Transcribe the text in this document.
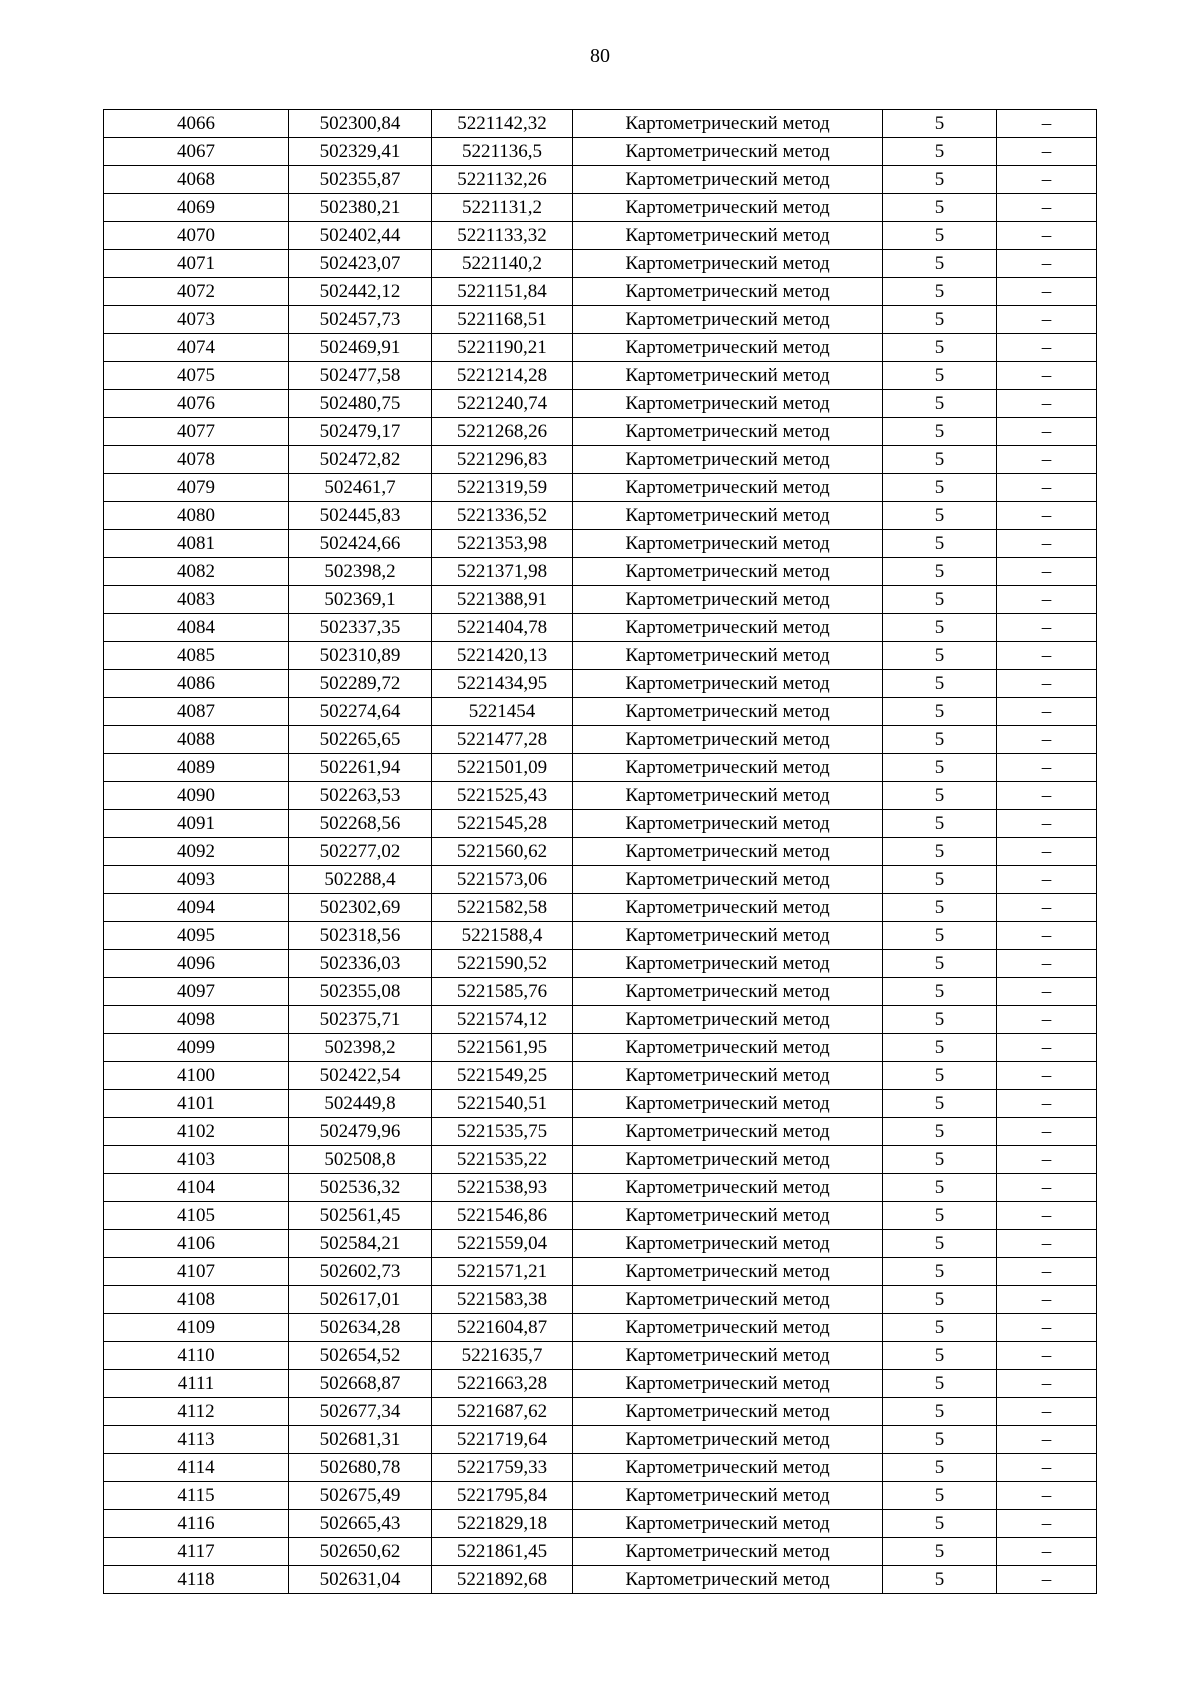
80
4066	502300,84	5221142,32	Картометрический метод	5	–
4067	502329,41	5221136,5	Картометрический метод	5	–
4068	502355,87	5221132,26	Картометрический метод	5	–
4069	502380,21	5221131,2	Картометрический метод	5	–
4070	502402,44	5221133,32	Картометрический метод	5	–
4071	502423,07	5221140,2	Картометрический метод	5	–
4072	502442,12	5221151,84	Картометрический метод	5	–
4073	502457,73	5221168,51	Картометрический метод	5	–
4074	502469,91	5221190,21	Картометрический метод	5	–
4075	502477,58	5221214,28	Картометрический метод	5	–
4076	502480,75	5221240,74	Картометрический метод	5	–
4077	502479,17	5221268,26	Картометрический метод	5	–
4078	502472,82	5221296,83	Картометрический метод	5	–
4079	502461,7	5221319,59	Картометрический метод	5	–
4080	502445,83	5221336,52	Картометрический метод	5	–
4081	502424,66	5221353,98	Картометрический метод	5	–
4082	502398,2	5221371,98	Картометрический метод	5	–
4083	502369,1	5221388,91	Картометрический метод	5	–
4084	502337,35	5221404,78	Картометрический метод	5	–
4085	502310,89	5221420,13	Картометрический метод	5	–
4086	502289,72	5221434,95	Картометрический метод	5	–
4087	502274,64	5221454	Картометрический метод	5	–
4088	502265,65	5221477,28	Картометрический метод	5	–
4089	502261,94	5221501,09	Картометрический метод	5	–
4090	502263,53	5221525,43	Картометрический метод	5	–
4091	502268,56	5221545,28	Картометрический метод	5	–
4092	502277,02	5221560,62	Картометрический метод	5	–
4093	502288,4	5221573,06	Картометрический метод	5	–
4094	502302,69	5221582,58	Картометрический метод	5	–
4095	502318,56	5221588,4	Картометрический метод	5	–
4096	502336,03	5221590,52	Картометрический метод	5	–
4097	502355,08	5221585,76	Картометрический метод	5	–
4098	502375,71	5221574,12	Картометрический метод	5	–
4099	502398,2	5221561,95	Картометрический метод	5	–
4100	502422,54	5221549,25	Картометрический метод	5	–
4101	502449,8	5221540,51	Картометрический метод	5	–
4102	502479,96	5221535,75	Картометрический метод	5	–
4103	502508,8	5221535,22	Картометрический метод	5	–
4104	502536,32	5221538,93	Картометрический метод	5	–
4105	502561,45	5221546,86	Картометрический метод	5	–
4106	502584,21	5221559,04	Картометрический метод	5	–
4107	502602,73	5221571,21	Картометрический метод	5	–
4108	502617,01	5221583,38	Картометрический метод	5	–
4109	502634,28	5221604,87	Картометрический метод	5	–
4110	502654,52	5221635,7	Картометрический метод	5	–
4111	502668,87	5221663,28	Картометрический метод	5	–
4112	502677,34	5221687,62	Картометрический метод	5	–
4113	502681,31	5221719,64	Картометрический метод	5	–
4114	502680,78	5221759,33	Картометрический метод	5	–
4115	502675,49	5221795,84	Картометрический метод	5	–
4116	502665,43	5221829,18	Картометрический метод	5	–
4117	502650,62	5221861,45	Картометрический метод	5	–
4118	502631,04	5221892,68	Картометрический метод	5	–
